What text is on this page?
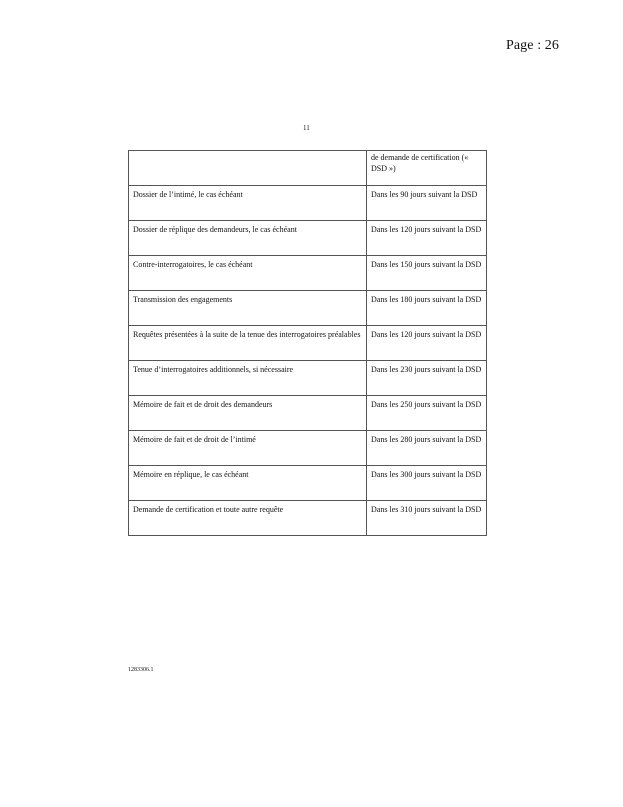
Page : 26
11
	de demande de certification (« DSD »)
Dossier de l’intimé, le cas échéant	Dans les 90 jours suivant la DSD
Dossier de réplique des demandeurs, le cas échéant	Dans les 120 jours suivant la DSD
Contre-interrogatoires, le cas échéant	Dans les 150 jours suivant la DSD
Transmission des engagements	Dans les 180 jours suivant la DSD
Requêtes présentées à la suite de la tenue des interrogatoires préalables	Dans les 120 jours suivant la DSD
Tenue d’interrogatoires additionnels, si nécessaire	Dans les 230 jours suivant la DSD
Mémoire de fait et de droit des demandeurs	Dans les 250 jours suivant la DSD
Mémoire de fait et de droit de l’intimé	Dans les 280 jours suivant la DSD
Mémoire en réplique, le cas échéant	Dans les 300 jours suivant la DSD
Demande de certification et toute autre requête	Dans les 310 jours suivant la DSD
1283306.1
